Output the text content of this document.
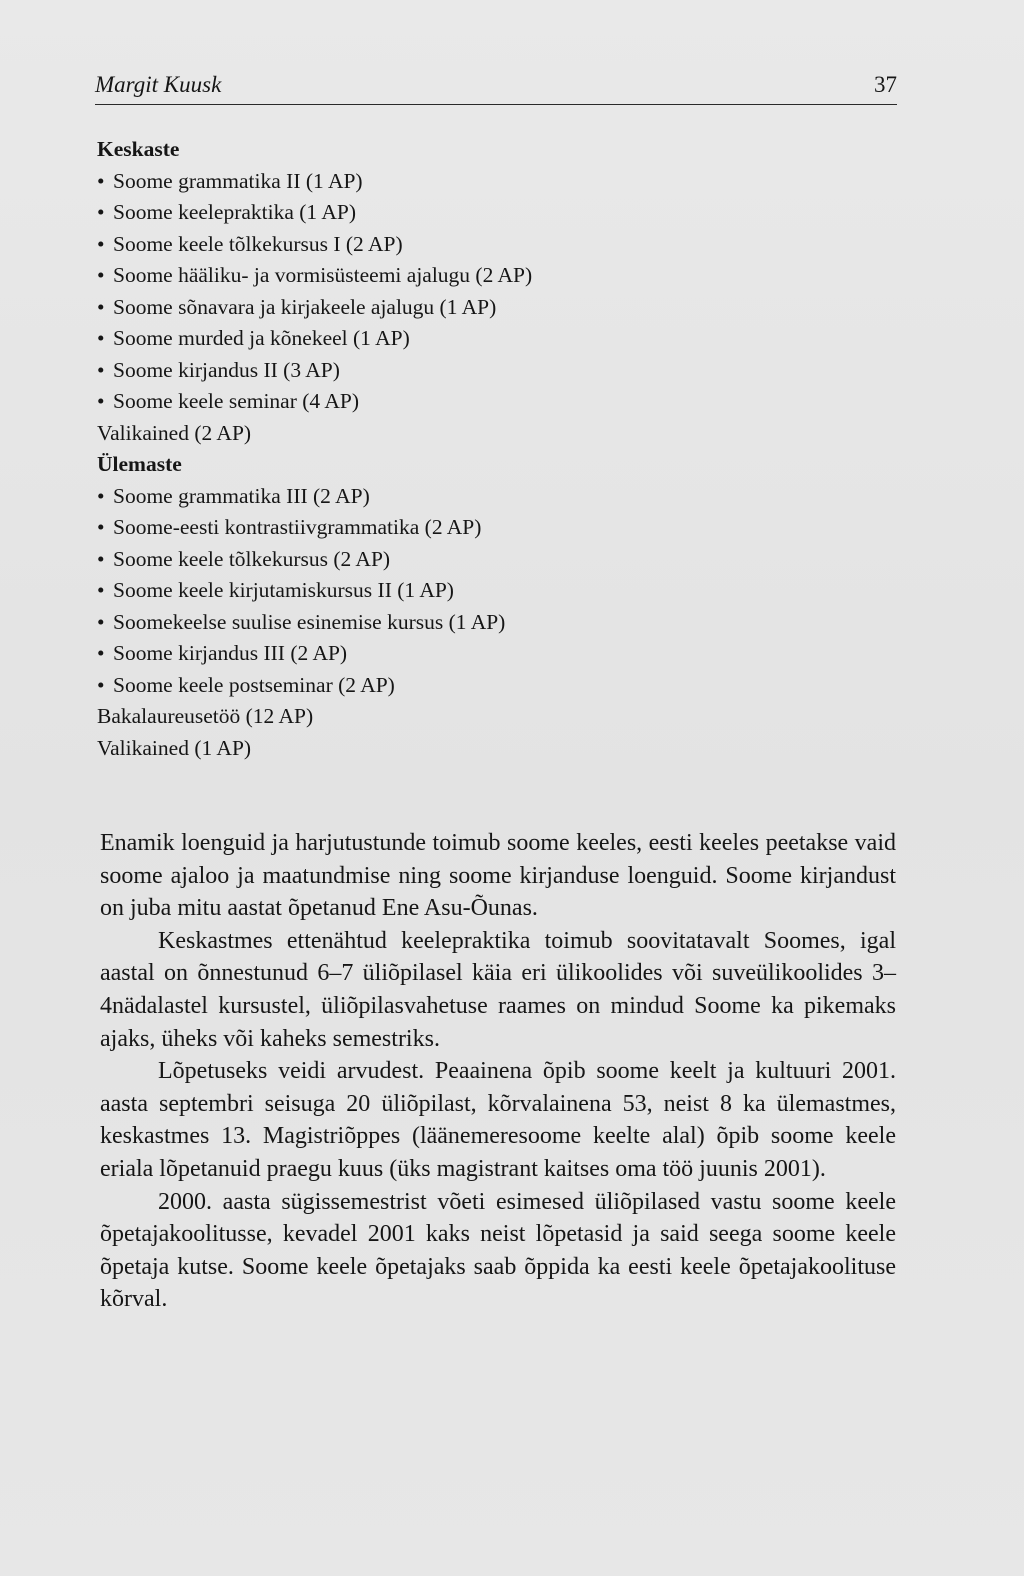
Margit Kuusk	37
Keskaste
• Soome grammatika II (1 AP)
• Soome keelepraktika (1 AP)
• Soome keele tõlkekursus I (2 AP)
• Soome hääliku- ja vormisüsteemi ajalugu (2 AP)
• Soome sõnavara ja kirjakeele ajalugu (1 AP)
• Soome murded ja kõnekeel (1 AP)
• Soome kirjandus II (3 AP)
• Soome keele seminar (4 AP)
Valikained (2 AP)
Ülemaste
• Soome grammatika III (2 AP)
• Soome-eesti kontrastiivgrammatika (2 AP)
• Soome keele tõlkekursus (2 AP)
• Soome keele kirjutamiskursus II (1 AP)
• Soomekeelse suulise esinemise kursus (1 AP)
• Soome kirjandus III (2 AP)
• Soome keele postseminar (2 AP)
Bakalaureusetöö (12 AP)
Valikained (1 AP)

Enamik loenguid ja harjutustunde toimub soome keeles, eesti keeles peetakse vaid soome ajaloo ja maatundmise ning soome kirjanduse loenguid. Soome kirjandust on juba mitu aastat õpetanud Ene Asu-Õunas.

Keskastmes ettenähtud keelepraktika toimub soovitatavalt Soomes, igal aastal on õnnestunud 6–7 üliõpilasel käia eri ülikoolides või suveülikoolides 3–4nädalastel kursustel, üliõpilasvahetuse raames on mindud Soome ka pikemaks ajaks, üheks või kaheks semestriks.

Lõpetuseks veidi arvudest. Peaainena õpib soome keelt ja kultuuri 2001. aasta septembri seisuga 20 üliõpilast, kõrvalainena 53, neist 8 ka ülemastmes, keskastmes 13. Magistriõppes (läänemeresoome keelte alal) õpib soome keele eriala lõpetanuid praegu kuus (üks magistrant kaitses oma töö juunis 2001).

2000. aasta sügissemestrist võeti esimesed üliõpilased vastu soome keele õpetajakoolitusse, kevadel 2001 kaks neist lõpetasid ja said seega soome keele õpetaja kutse. Soome keele õpetajaks saab õppida ka eesti keele õpetajakoolituse kõrval.
